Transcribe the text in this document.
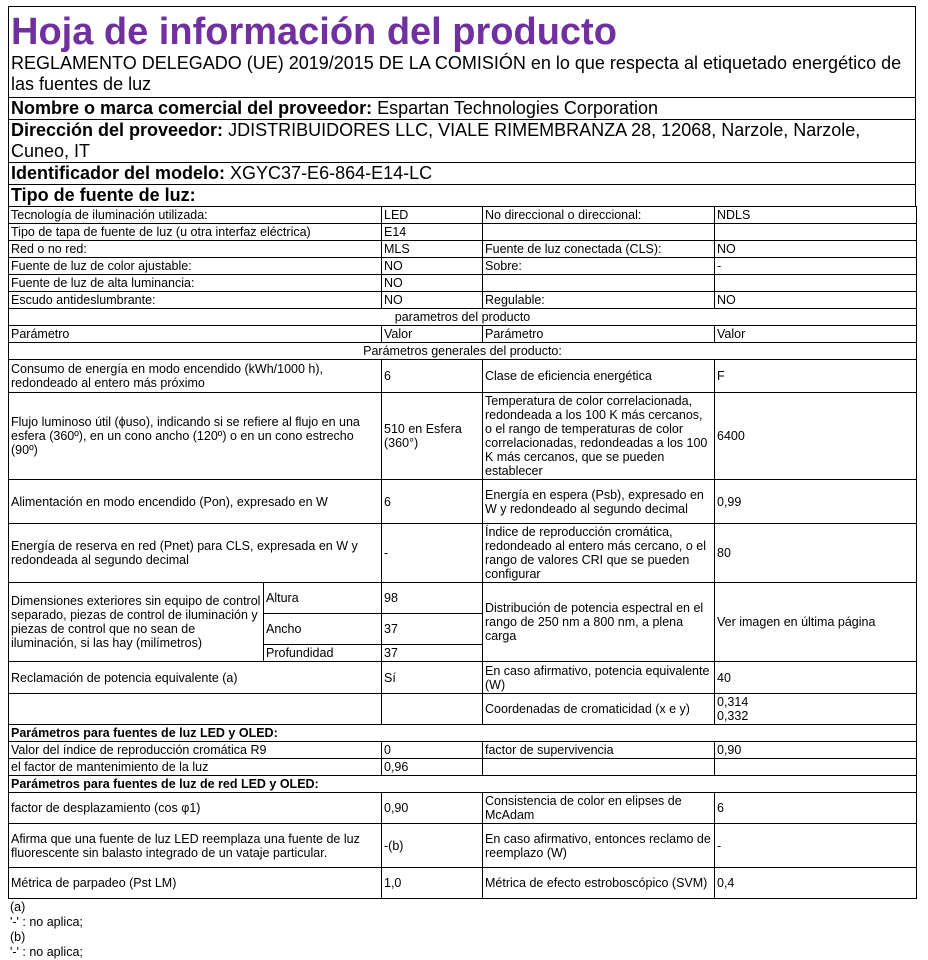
Hoja de información del producto
REGLAMENTO DELEGADO (UE) 2019/2015 DE LA COMISIÓN en lo que respecta al etiquetado energético de las fuentes de luz
Nombre o marca comercial del proveedor: Espartan Technologies Corporation
Dirección del proveedor: JDISTRIBUIDORES LLC, VIALE RIMEMBRANZA 28, 12068, Narzole, Narzole, Cuneo, IT
Identificador del modelo: XGYC37-E6-864-E14-LC
Tipo de fuente de luz:
Tecnología de iluminación utilizada:		LED	No direccional o direccional:	NDLS
Tipo de tapa de fuente de luz (u otra interfaz eléctrica)		E14		
Red o no red:		MLS	Fuente de luz conectada (CLS):	NO
Fuente de luz de color ajustable:		NO	Sobre:	-
Fuente de luz de alta luminancia:		NO		
Escudo antideslumbrante:		NO	Regulable:	NO
parametros del producto				
Parámetro		Valor	Parámetro	Valor
Parámetros generales del producto:				
Consumo de energía en modo encendido (kWh/1000 h), redondeado al entero más próximo		6	Clase de eficiencia energética	F
Flujo luminoso útil (ϕuso), indicando si se refiere al flujo en una esfera (360º), en un cono ancho (120º) o en un cono estrecho (90º)		510 en Esfera (360°)	Temperatura de color correlacionada, redondeada a los 100 K más cercanos, o el rango de temperaturas de color correlacionadas, redondeadas a los 100 K más cercanos, que se pueden establecer	6400
Alimentación en modo encendido (Pon), expresado en W		6	Energía en espera (Psb), expresado en W y redondeado al segundo decimal	0,99
Energía de reserva en red (Pnet) para CLS, expresada en W y redondeada al segundo decimal		-	Índice de reproducción cromática, redondeado al entero más cercano, o el rango de valores CRI que se pueden configurar	80
Dimensiones exteriores sin equipo de control separado, piezas de control de iluminación y piezas de control que no sean de iluminación, si las hay (milímetros)	Altura	98	Distribución de potencia espectral en el rango de 250 nm a 800 nm, a plena carga	Ver imagen en última página
	Ancho	37		
	Profundidad	37		
Reclamación de potencia equivalente (a)		Sí	En caso afirmativo, potencia equivalente (W)	40
			Coordenadas de cromaticidad (x e y)	0,314
0,332

Parámetros para fuentes de luz LED y OLED:				
Valor del índice de reproducción cromática R9		0	factor de supervivencia	0,90
el factor de mantenimiento de la luz		0,96		
Parámetros para fuentes de luz de red LED y OLED:				
factor de desplazamiento (cos φ1)		0,90	Consistencia de color en elipses de McAdam	6
Afirma que una fuente de luz LED reemplaza una fuente de luz fluorescente sin balasto integrado de un vataje particular.		-(b)	En caso afirmativo, entonces reclamo de reemplazo (W)	-
Métrica de parpadeo (Pst LM)		1,0	Métrica de efecto estroboscópico (SVM)	0,4
(a)
'-' : no aplica;
(b)
'-' : no aplica;
